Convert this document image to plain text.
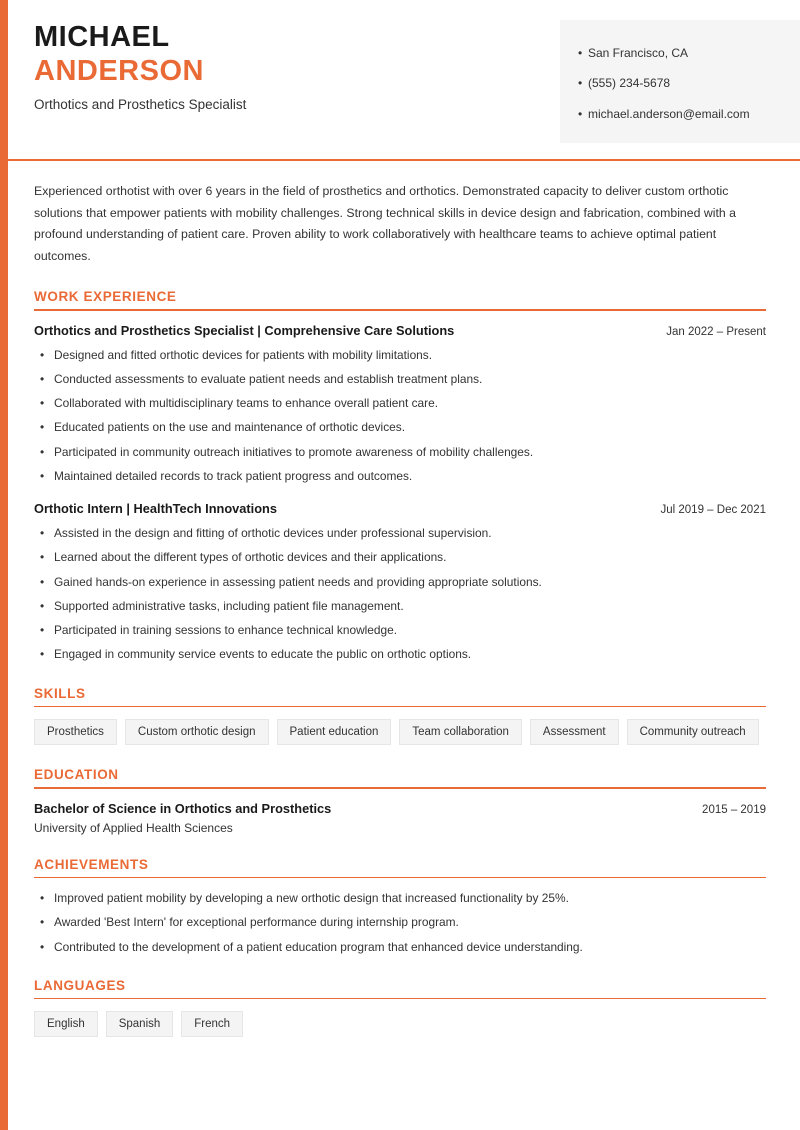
MICHAEL
ANDERSON
Orthotics and Prosthetics Specialist
• San Francisco, CA
• (555) 234-5678
• michael.anderson@email.com
Experienced orthotist with over 6 years in the field of prosthetics and orthotics. Demonstrated capacity to deliver custom orthotic solutions that empower patients with mobility challenges. Strong technical skills in device design and fabrication, combined with a profound understanding of patient care. Proven ability to work collaboratively with healthcare teams to achieve optimal patient outcomes.
WORK EXPERIENCE
Orthotics and Prosthetics Specialist | Comprehensive Care Solutions	Jan 2022 – Present
• Designed and fitted orthotic devices for patients with mobility limitations.
• Conducted assessments to evaluate patient needs and establish treatment plans.
• Collaborated with multidisciplinary teams to enhance overall patient care.
• Educated patients on the use and maintenance of orthotic devices.
• Participated in community outreach initiatives to promote awareness of mobility challenges.
• Maintained detailed records to track patient progress and outcomes.
Orthotic Intern | HealthTech Innovations	Jul 2019 – Dec 2021
• Assisted in the design and fitting of orthotic devices under professional supervision.
• Learned about the different types of orthotic devices and their applications.
• Gained hands-on experience in assessing patient needs and providing appropriate solutions.
• Supported administrative tasks, including patient file management.
• Participated in training sessions to enhance technical knowledge.
• Engaged in community service events to educate the public on orthotic options.
SKILLS
Prosthetics	Custom orthotic design	Patient education	Team collaboration	Assessment	Community outreach
EDUCATION
Bachelor of Science in Orthotics and Prosthetics	2015 – 2019
University of Applied Health Sciences
ACHIEVEMENTS
• Improved patient mobility by developing a new orthotic design that increased functionality by 25%.
• Awarded 'Best Intern' for exceptional performance during internship program.
• Contributed to the development of a patient education program that enhanced device understanding.
LANGUAGES
English	Spanish	French
